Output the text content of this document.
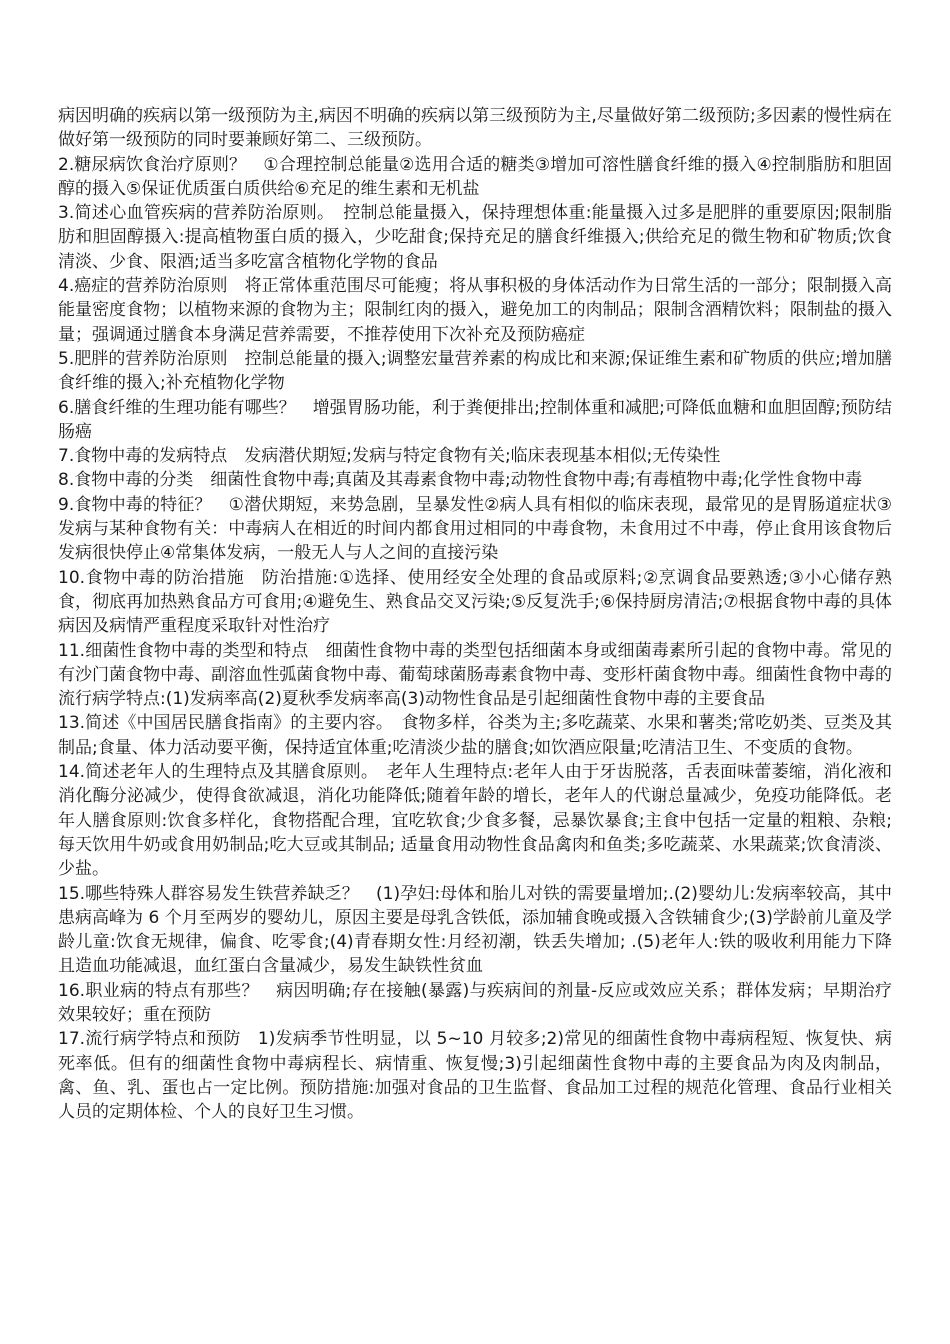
病因明确的疾病以第一级预防为主,病因不明确的疾病以第三级预防为主,尽量做好第二级预防;多因素的慢性病在做好第一级预防的同时要兼顾好第二、三级预防。

2.糖尿病饮食治疗原则？　①合理控制总能量②选用合适的糖类③增加可溶性膳食纤维的摄入④控制脂肪和胆固醇的摄入⑤保证优质蛋白质供给⑥充足的维生素和无机盐

3.简述心血管疾病的营养防治原则。　控制总能量摄入，保持理想体重:能量摄入过多是肥胖的重要原因;限制脂肪和胆固醇摄入:提高植物蛋白质的摄入，少吃甜食;保持充足的膳食纤维摄入;供给充足的微生物和矿物质;饮食清淡、少食、限酒;适当多吃富含植物化学物的食品

4.癌症的营养防治原则　将正常体重范围尽可能瘦；将从事积极的身体活动作为日常生活的一部分；限制摄入高能量密度食物；以植物来源的食物为主；限制红肉的摄入，避免加工的肉制品；限制含酒精饮料；限制盐的摄入量；强调通过膳食本身满足营养需要，不推荐使用下次补充及预防癌症

5.肥胖的营养防治原则　控制总能量的摄入;调整宏量营养素的构成比和来源;保证维生素和矿物质的供应;增加膳食纤维的摄入;补充植物化学物

6.膳食纤维的生理功能有哪些？　增强胃肠功能，利于粪便排出;控制体重和减肥;可降低血糖和血胆固醇;预防结肠癌

7.食物中毒的发病特点　发病潜伏期短;发病与特定食物有关;临床表现基本相似;无传染性

8.食物中毒的分类　细菌性食物中毒;真菌及其毒素食物中毒;动物性食物中毒;有毒植物中毒;化学性食物中毒

9.食物中毒的特征？　①潜伏期短，来势急剧，呈暴发性②病人具有相似的临床表现，最常见的是胃肠道症状③发病与某种食物有关：中毒病人在相近的时间内都食用过相同的中毒食物，未食用过不中毒，停止食用该食物后发病很快停止④常集体发病，一般无人与人之间的直接污染

10.食物中毒的防治措施　防治措施:①选择、使用经安全处理的食品或原料;②烹调食品要熟透;③小心储存熟食，彻底再加热熟食品方可食用;④避免生、熟食品交叉污染;⑤反复洗手;⑥保持厨房清洁;⑦根据食物中毒的具体病因及病情严重程度采取针对性治疗

11.细菌性食物中毒的类型和特点　细菌性食物中毒的类型包括细菌本身或细菌毒素所引起的食物中毒。常见的有沙门菌食物中毒、副溶血性弧菌食物中毒、葡萄球菌肠毒素食物中毒、变形杆菌食物中毒。细菌性食物中毒的流行病学特点:(1)发病率高(2)夏秋季发病率高(3)动物性食品是引起细菌性食物中毒的主要食品

13.简述《中国居民膳食指南》的主要内容。　食物多样，谷类为主;多吃蔬菜、水果和薯类;常吃奶类、豆类及其制品;食量、体力活动要平衡，保持适宜体重;吃清淡少盐的膳食;如饮酒应限量;吃清洁卫生、不变质的食物。

14.简述老年人的生理特点及其膳食原则。　老年人生理特点:老年人由于牙齿脱落，舌表面味蕾萎缩，消化液和消化酶分泌减少，使得食欲减退，消化功能降低;随着年龄的增长，老年人的代谢总量减少，免疫功能降低。老年人膳食原则:饮食多样化，食物搭配合理，宜吃软食;少食多餐，忌暴饮暴食;主食中包括一定量的粗粮、杂粮;每天饮用牛奶或食用奶制品;吃大豆或其制品; 适量食用动物性食品禽肉和鱼类;多吃蔬菜、水果蔬菜;饮食清淡、少盐。

15.哪些特殊人群容易发生铁营养缺乏？　(1)孕妇:母体和胎儿对铁的需要量增加;.(2)婴幼儿:发病率较高，其中患病高峰为 6 个月至两岁的婴幼儿，原因主要是母乳含铁低，添加辅食晚或摄入含铁辅食少;(3)学龄前儿童及学龄儿童:饮食无规律，偏食、吃零食;(4)青春期女性:月经初潮，铁丢失增加; .(5)老年人:铁的吸收利用能力下降且造血功能减退，血红蛋白含量减少，易发生缺铁性贫血

16.职业病的特点有那些？　病因明确;存在接触(暴露)与疾病间的剂量-反应或效应关系；群体发病；早期治疗效果较好；重在预防

17.流行病学特点和预防　1)发病季节性明显，以 5~10 月较多;2)常见的细菌性食物中毒病程短、恢复快、病死率低。但有的细菌性食物中毒病程长、病情重、恢复慢;3)引起细菌性食物中毒的主要食品为肉及肉制品，禽、鱼、乳、蛋也占一定比例。预防措施:加强对食品的卫生监督、食品加工过程的规范化管理、食品行业相关人员的定期体检、个人的良好卫生习惯。
